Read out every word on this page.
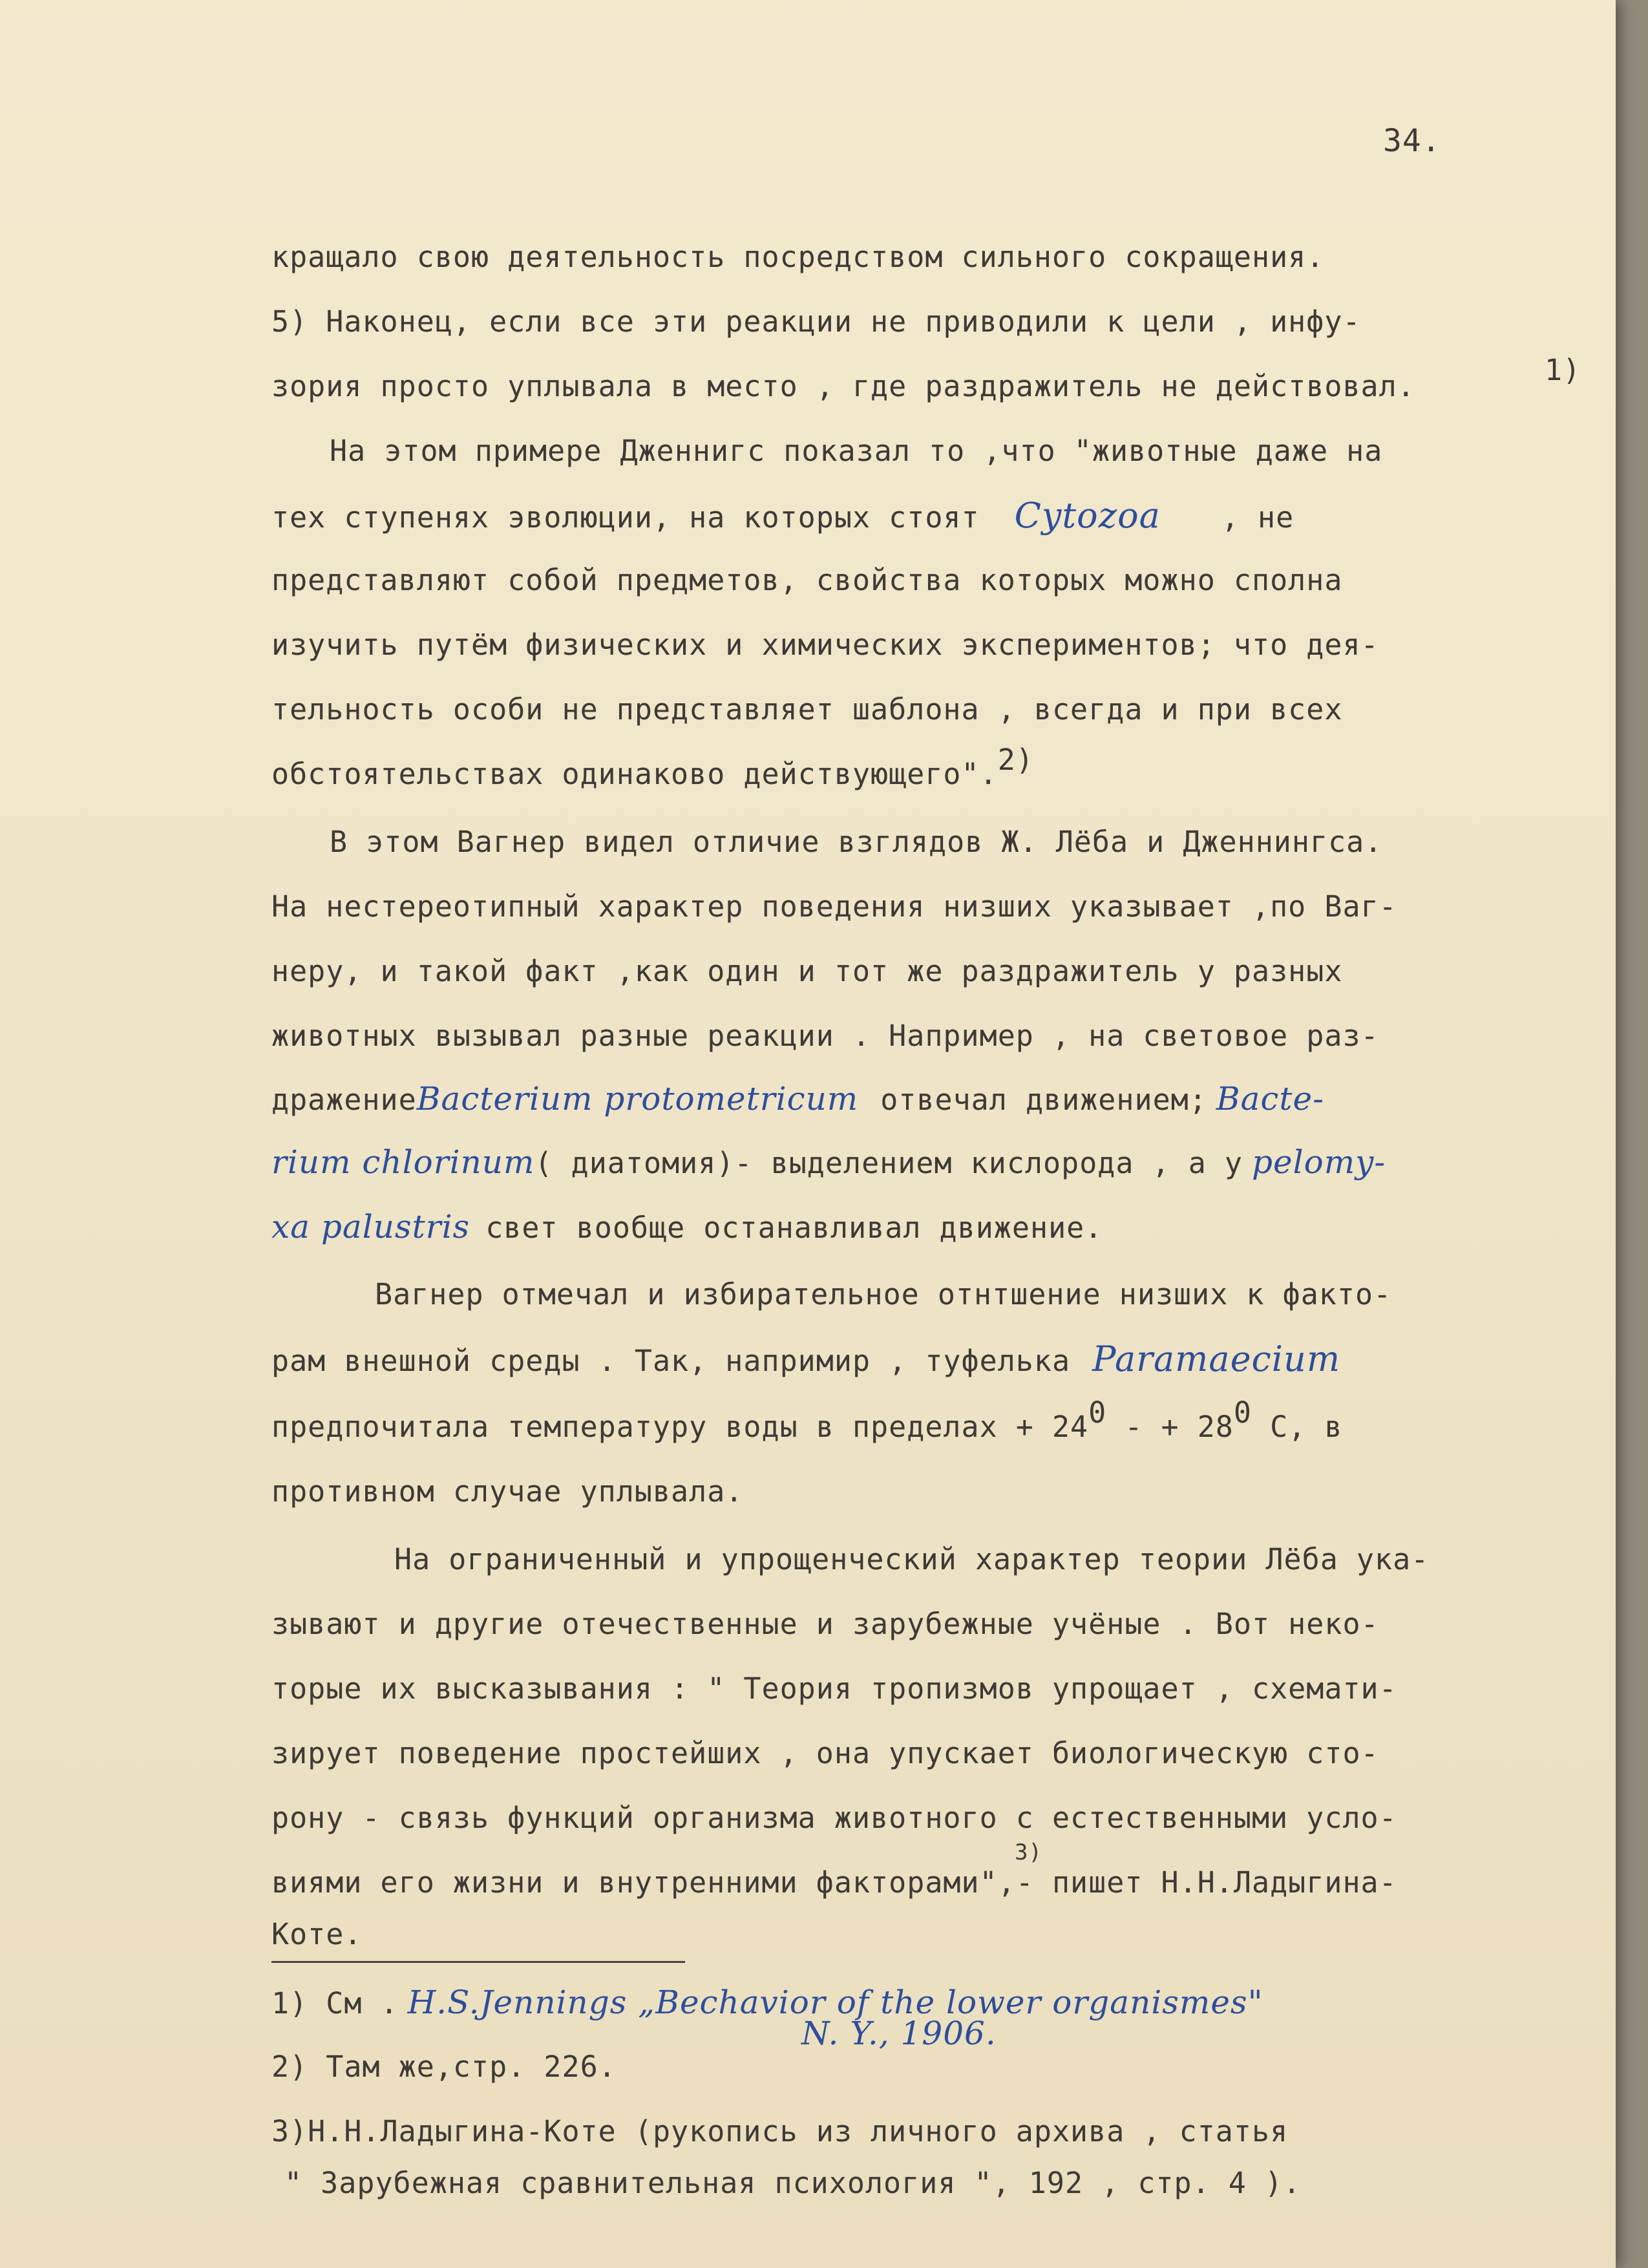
34.
кращало свою деятельность посредством сильного сокращения.
5) Наконец, если все эти реакции не приводили к цели , инфу-
зория просто уплывала в место , где раздражитель не действовал.	1)
На этом примере Дженнигс показал то ,что "животные даже на
тех ступенях эволюции, на которых стоят Cytozoa , не
представляют собой предметов, свойства которых можно сполна
изучить путём физических и химических экспериментов; что дея-
тельность особи не представляет шаблона , всегда и при всех
обстоятельствах одинаково действующего".$^{2)}$
В этом Вагнер видел отличие взглядов Ж. Лёба и Дженнингса.
На нестереотипный характер поведения низших указывает ,по Ваг-
неру, и такой факт ,как один и тот же раздражитель у разных
животных вызывал разные реакции . Например , на световое раз-
дражениеBacterium protometricum отвечал движением; Bacte-
rium chlorinum( диатомия)- выделением кислорода , а у pelomy-
xa palustris свет вообще останавливал движение.
Вагнер отмечал и избирательное отнтшение низших к факто-
рам внешной среды . Так, напримир , туфелька Paramaecium
предпочитала температуру воды в пределах + $24^0$ - + $28^0$ С, в
противном случае уплывала.
На ограниченный и упрощенческий характер теории Лёба ука-
зывают и другие отечественные и зарубежные учёные . Вот неко-
торые их высказывания : " Теория тропизмов упрощает , схемати-
зирует поведение простейших , она упускает биологическую сто-
рону - связь функций организма животного с естественными усло-
3)
виями его жизни и внутренними факторами",- пишет Н.Н.Ладыгина-
Коте.
1) См . H.S.Jennings „Bechavior of the lower organismes"
N. Y., 1906.
2) Там же,стр. 226.
3)Н.Н.Ладыгина-Коте (рукопись из личного архива , статья
" Зарубежная сравнительная психология ", 192 , стр. 4 ).
